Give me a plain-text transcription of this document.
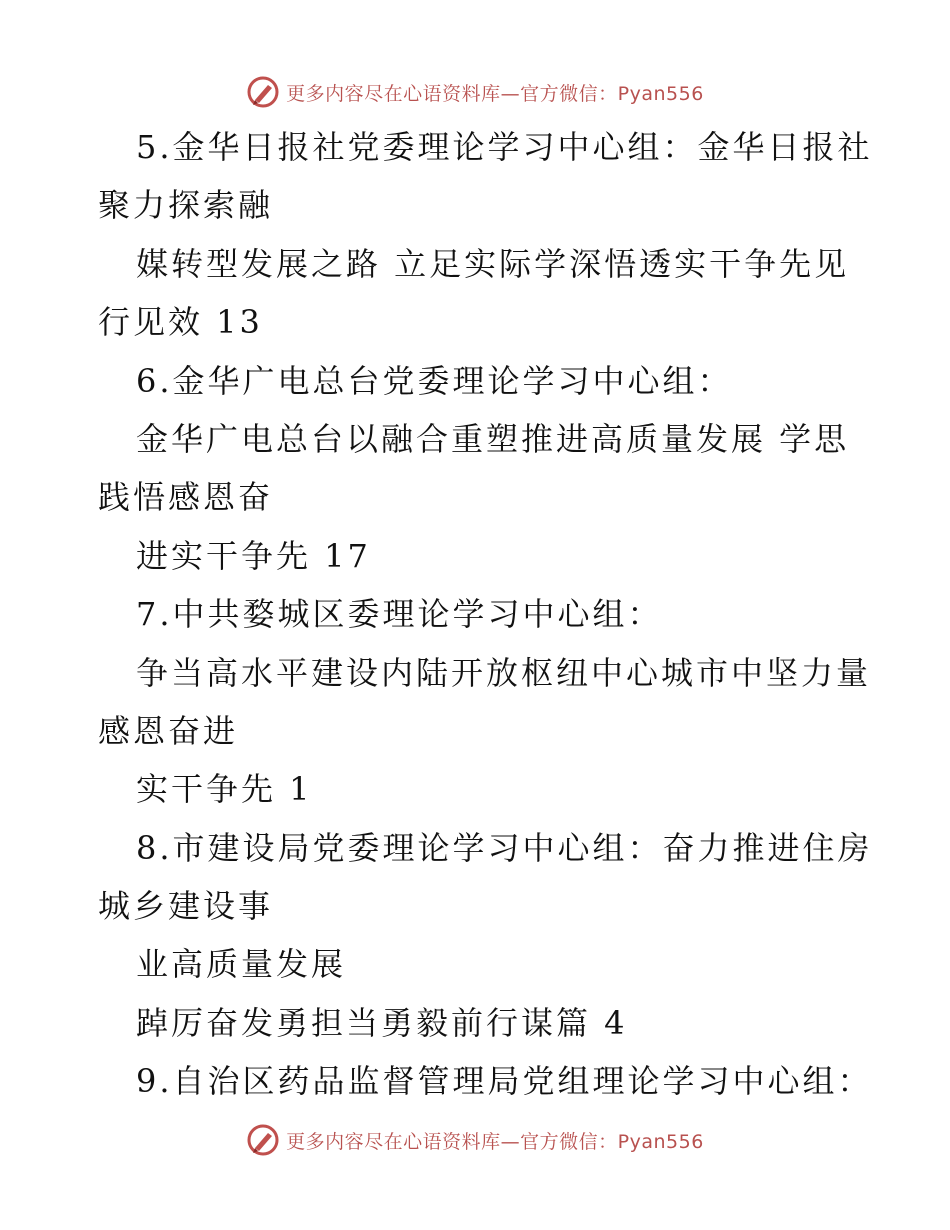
更多内容尽在心语资料库—官方微信：Pyan556
5.金华日报社党委理论学习中心组：金华日报社
聚力探索融
媒转型发展之路 立足实际学深悟透实干争先见
行见效 13
6.金华广电总台党委理论学习中心组：
金华广电总台以融合重塑推进高质量发展 学思
践悟感恩奋
进实干争先 17
7.中共婺城区委理论学习中心组：
争当高水平建设内陆开放枢纽中心城市中坚力量
感恩奋进
实干争先 1
8.市建设局党委理论学习中心组：奋力推进住房
城乡建设事
业高质量发展
踔厉奋发勇担当勇毅前行谋篇 4
9.自治区药品监督管理局党组理论学习中心组：
更多内容尽在心语资料库—官方微信：Pyan556
